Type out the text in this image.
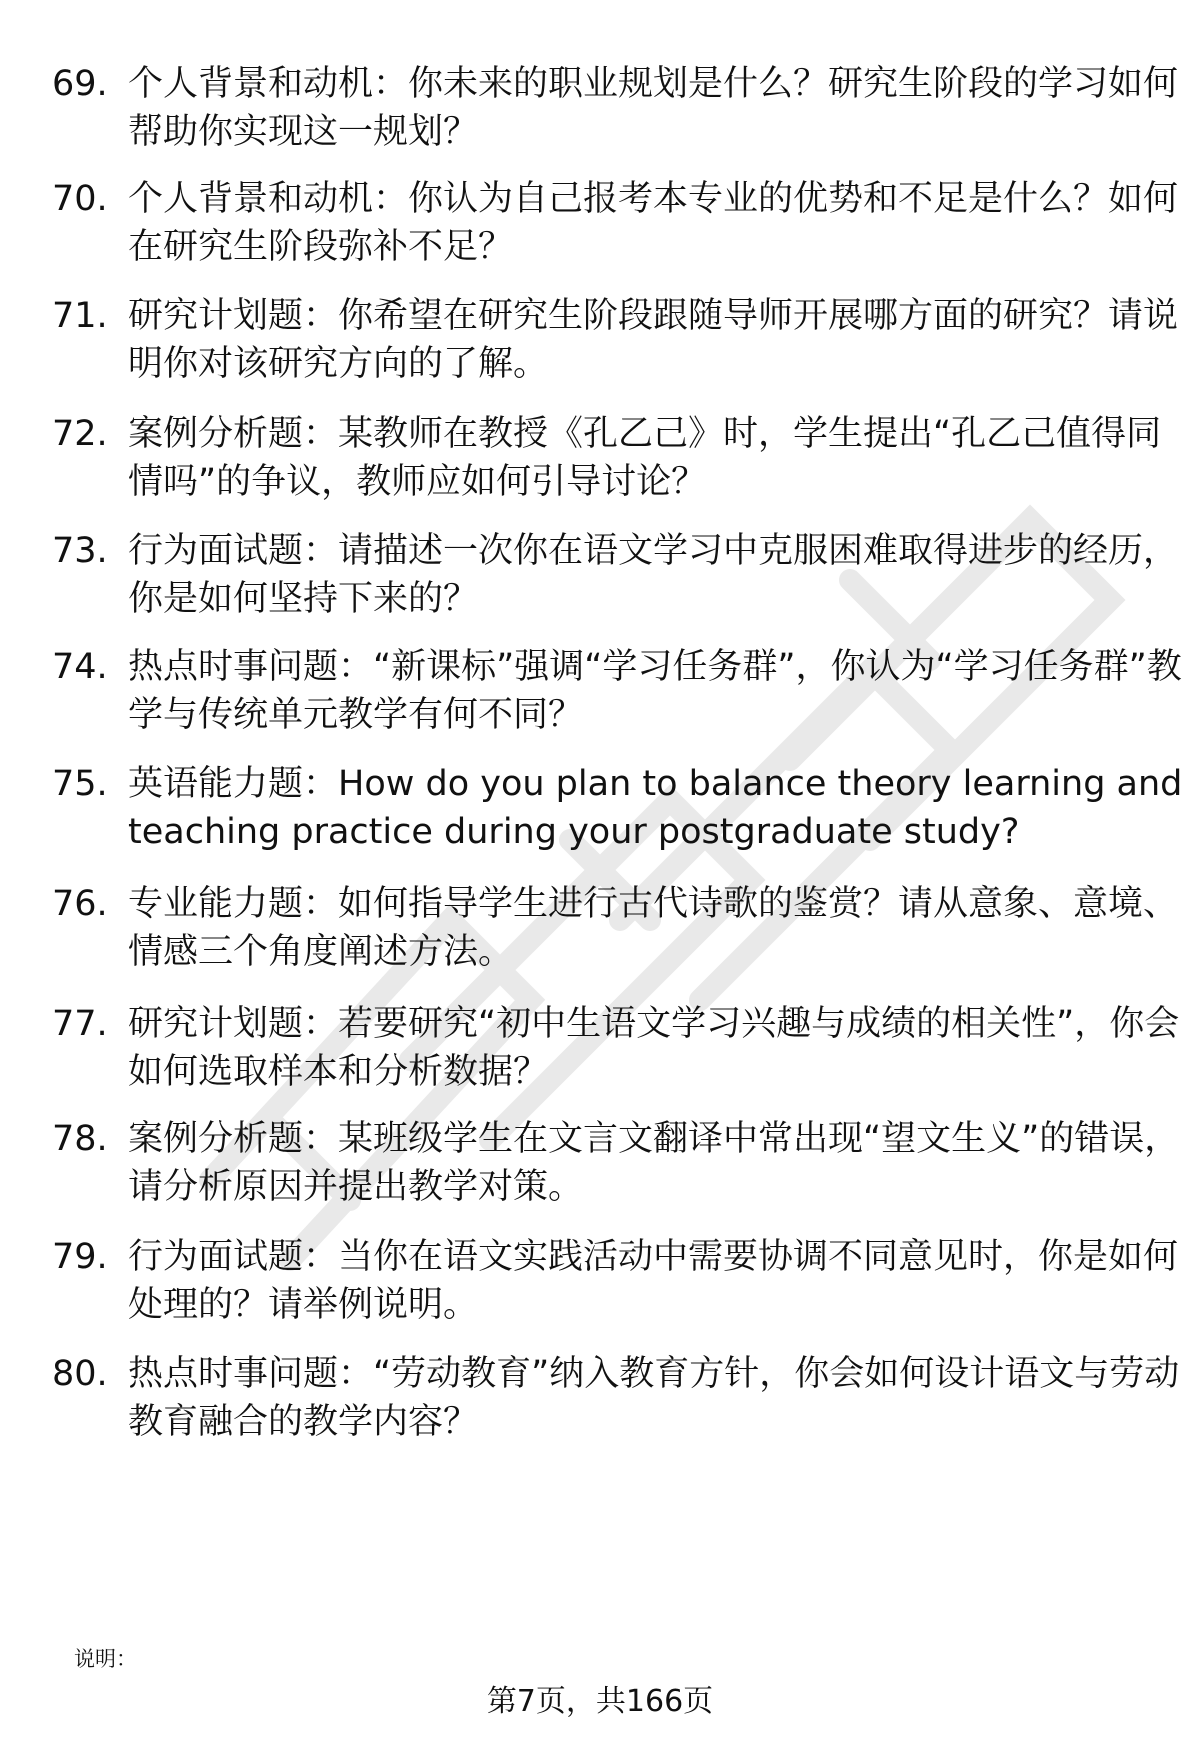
69. 个人背景和动机：你未来的职业规划是什么？研究生阶段的学习如何帮助你实现这一规划？
70. 个人背景和动机：你认为自己报考本专业的优势和不足是什么？如何在研究生阶段弥补不足？
71. 研究计划题：你希望在研究生阶段跟随导师开展哪方面的研究？请说明你对该研究方向的了解。
72. 案例分析题：某教师在教授《孔乙己》时，学生提出“孔乙己值得同情吗”的争议，教师应如何引导讨论？
73. 行为面试题：请描述一次你在语文学习中克服困难取得进步的经历，你是如何坚持下来的？
74. 热点时事问题：“新课标”强调“学习任务群”，你认为“学习任务群”教学与传统单元教学有何不同？
75. 英语能力题：How do you plan to balance theory learning and teaching practice during your postgraduate study?
76. 专业能力题：如何指导学生进行古代诗歌的鉴赏？请从意象、意境、情感三个角度阐述方法。
77. 研究计划题：若要研究“初中生语文学习兴趣与成绩的相关性”，你会如何选取样本和分析数据？
78. 案例分析题：某班级学生在文言文翻译中常出现“望文生义”的错误，请分析原因并提出教学对策。
79. 行为面试题：当你在语文实践活动中需要协调不同意见时，你是如何处理的？请举例说明。
80. 热点时事问题：“劳动教育”纳入教育方针，你会如何设计语文与劳动教育融合的教学内容？
说明：
第7页，共166页
